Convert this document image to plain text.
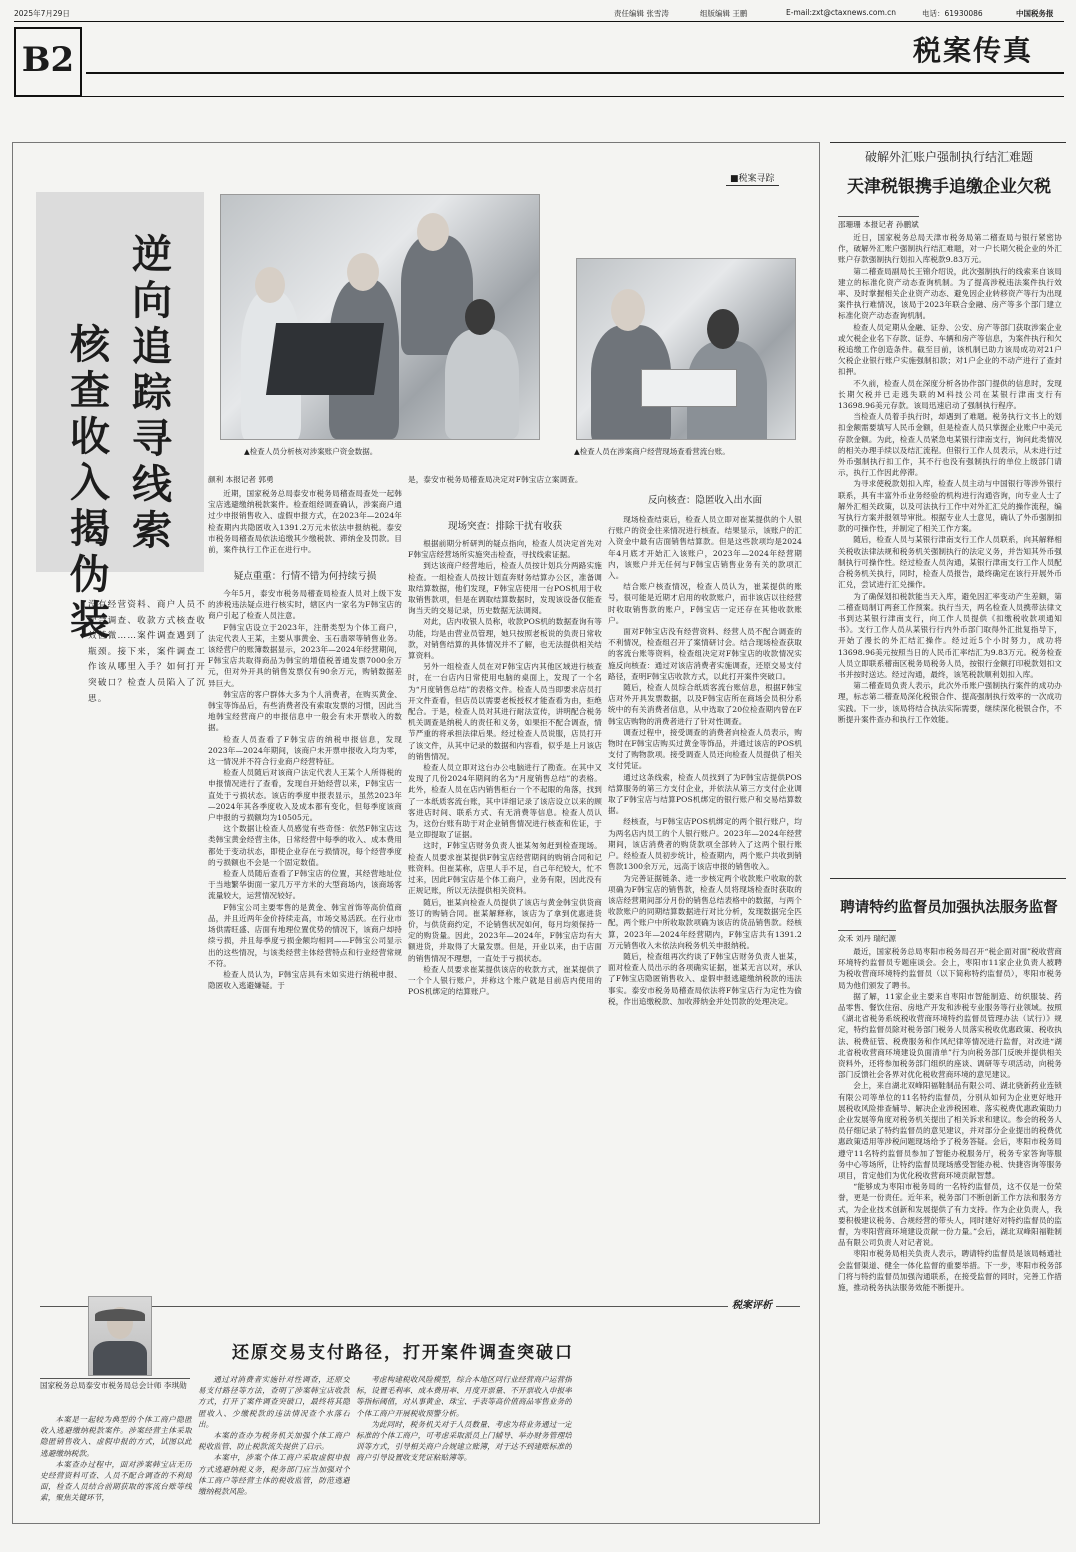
2025年7月29日	责任编辑 张雪涛	组版编辑 王鹏	E-mail:zxt@ctaxnews.com.cn	电话：61930086	中国税务报
B2	税案传真
■税案寻踪
逆向追踪寻线索
核查收入揭伪装
▲检查人员分析核对涉案账户资金数据。	▲检查人员在涉案商户经营现场查看营流台账。
没有经营资料、商户人员不配合调查、收款方式核查收效甚微……案件调查遇到了瓶颈。接下来，案件调查工作该从哪里入手？如何打开突破口？检查人员陷入了沉思。
颜利 本报记者 郭勇

近期，国家税务总局泰安市税务局稽查局查处一起韩宝店逃避缴纳税款案件。检查组经调查确认，涉案商户通过少申报销售收入、虚假申报方式，在2023年—2024年检查期内共隐匿收入1391.2万元未依法申报纳税。泰安市税务局稽查局依法追缴其少缴税款、滞纳金及罚款。目前，案件执行工作正在进行中。

疑点重重：行情不错为何持续亏损

今年5月，泰安市税务局稽查局检查人员对上级下发的涉税违法疑点进行核实时，辖区内一家名为F韩宝店的商户引起了检查人员注意。

F韩宝店设立于2023年，注册类型为个体工商户，法定代表人王某，主要从事黄金、玉石翡翠等销售业务。该经营户的账簿数据显示，2023年—2024年经营期间，F韩宝店共取得商品为韩宝的增值税普通发票7000余万元，但对外开具的销售发票仅有90余万元，购销数据差异巨大。

韩宝店的客户群体大多为个人消费者，在购买黄金、韩宝等饰品后，有些消费者没有索取发票的习惯，因此当地韩宝经营商户的申报信息中一般会有未开票收入的数据。

检查人员查看了F韩宝店的纳税申报信息，发现2023年—2024年期间，该商户未开票申报收入均为零，这一情况并不符合行业商户经营特征。

检查人员随后对该商户法定代表人王某个人所得税的申报情况进行了查看，发现自开始经营以来，F韩宝店一直处于亏损状态。该店的季度申报表显示，虽然2023年—2024年其各季度收入及成本都有变化，但每季度该商户申报的亏损额均为10505元。

这个数据让检查人员感觉有些奇怪：依然F韩宝店这类韩宝黄金经营主体，日常经营中每季的收入、成本费用都处于变动状态，即使企业存在亏损情况，每个经营季度的亏损额也不会是一个固定数值。

检查人员随后查看了F韩宝店的位置，其经营地址位于当地繁华街面一家几万平方米的大型商场内，该商场客流量较大，运营情况较好。

F韩宝公司主要零售的是黄金、韩宝首饰等高价值商品，并且近两年金价持续走高，市场交易活跃。在行业市场供需旺盛、店面有地理位置优势的情况下，该商户却持续亏损，并且每季度亏损金额均相同——F韩宝公司显示出的这些情况，与该类经营主体经营特点和行业经营常规不符。

检查人员认为，F韩宝店具有未如实进行纳税申报、隐匿收入逃避嫌疑。于

是，泰安市税务局稽查局决定对F韩宝店立案调查。

现场突查：排除干扰有收获

根据前期分析研判的疑点指向，检查人员决定首先对F韩宝店经营场所实施突击检查，寻找线索证据。

到达该商户经营地后，检查人员按计划兵分两路实施检查。一组检查人员按计划直奔财务结算办公区，准备调取结算数据，他们发现，F韩宝店使用一台POS机用于收取销售款项，但是在调取结算数据时，发现该设备仅能查询当天的交易记录，历史数据无法调阅。

对此，店内收银人员称，收款POS机的数据查询有等功能，均是由营业员管理，她只按照老板说的负责日常收款，对销售结算的具体情况并不了解，也无法提供相关结算资料。

另外一组检查人员在对F韩宝店内其他区域进行核查时，在一台店内日常使用电脑的桌面上，发现了一个名为“月度销售总结”的表格文件。检查人员当即要求店员打开文件查看，但店员以需要老板授权才能查看为由，拒绝配合。于是，检查人员对其进行耐法宣传，讲明配合税务机关调查是纳税人的责任和义务，如果拒不配合调查，情节严重的将承担法律后果。经过检查人员说服，店员打开了该文件，从其中记录的数据和内容看，似乎是上月该店的销售情况。

检查人员立即对这台办公电脑进行了勘查。在其中又发现了几份2024年期间的名为“月度销售总结”的表格。此外，检查人员在店内销售柜台一个不起眼的角落，找到了一本纸质客流台账，其中详细记录了该店设立以来的顾客进店时间、联系方式、有无消费等信息。检查人员认为，这份台账有助于对企业销售情况进行核查和佐证，于是立即提取了证据。

这时，F韩宝店财务负责人崔某匆匆赶到检查现场。检查人员要求崔某提供F韩宝店经营期间的购销合同和记账资料。但崔某称，店里人手不足，自己年纪较大，忙不过来，因此F韩宝店是个体工商户，业务有限，因此没有正规记账，所以无法提供相关资料。

随后，崔某向检查人员提供了该店与黄金韩宝供货商签订的购销合同。崔某解释称，该店为了拿到优惠进货价，与供货商约定，不论销售状况如何，每月均须保持一定的购货量。因此，2023年—2024年，F韩宝店均有大额进货，并取得了大量发票。但是，开业以来，由于店面的销售情况不理想，一直处于亏损状态。

检查人员要求崔某提供该店的收款方式，崔某提供了一个个人银行账户，并称这个账户就是目前店内使用的POS机绑定的结算账户。

反向核查：隐匿收入出水面

现场检查结束后，检查人员立即对崔某提供的个人银行账户的资金往来情况进行核查。结果显示，该账户的汇入资金中最有店面销售结算款。但是这些款项均是2024年4月底才开始汇入该账户，2023年—2024年经营期内，该账户并无任何与F韩宝店销售业务有关的款项汇入。

结合账户核查情况，检查人员认为，崔某提供的账号，很可能是近期才启用的收款账户，而非该店以往经营时收取销售款的账户，F韩宝店一定还存在其他收款账户。

面对F韩宝店没有经营资料、经营人员不配合调查的不利情况，检查组召开了案情研讨会。结合现场检查获取的客流台账等资料，检查组决定对F韩宝店的收款情况实施反向核查：通过对该店消费者实施调查，还原交易支付路径，查明F韩宝店收款方式，以此打开案件突破口。

随后，检查人员综合纸质客流台账信息，根据F韩宝店对外开具发票数据，以及F韩宝店所在商场会员积分系统中的有关消费者信息，从中选取了20位检查期内曾在F韩宝店购物的消费者进行了针对性调查。

调查过程中，接受调查的消费者向检查人员表示，购物时在F韩宝店购买过黄金等饰品，并通过该店的POS机支付了购物款项。接受调查人员还向检查人员提供了相关支付凭证。

通过这条线索，检查人员找到了为F韩宝店提供POS结算服务的第三方支付企业，并依法从第三方支付企业调取了F韩宝店与结算POS机绑定的银行账户和交易结算数据。

经核查，与F韩宝店POS机绑定的两个银行账户，均为两名店内员工的个人银行账户。2023年—2024年经营期间，该店消费者的购货款项全部转入了这两个银行账户。经检查人员初步统计，检查期内，两个账户共收到销售款1300余万元，远高于该店申报的销售收入。

为完善证据链条、进一步核定两个收款账户收取的款项确为F韩宝店的销售款，检查人员将现场检查时获取的该店经营期间部分月份的销售总结表格中的数据，与两个收款账户的同期结算数据进行对比分析，发现数据完全匹配，两个账户中所收取款项确为该店的货品销售款。经核算，2023年—2024年经营期内，F韩宝店共有1391.2万元销售收入未依法向税务机关申报纳税。

随后，检查组再次约谈了F韩宝店财务负责人崔某，面对检查人员出示的各项确实证据，崔某无言以对，承认了F韩宝店隐匿销售收入、虚假申报逃避缴纳税款的违法事实。泰安市税务局稽查局依法将F韩宝店行为定性为偷税，作出追缴税款、加收滞纳金并处罚款的处理决定。

税案评析
国家税务总局泰安市税务局总会计师 李琪勋
还原交易支付路径，打开案件调查突破口

本案是一起较为典型的个体工商户隐匿收入逃避缴纳税款案件。涉案经营主体采取隐匿销售收入、虚假申报的方式，试图以此逃避缴纳税款。

本案查办过程中，面对涉案韩宝店无历史经营资料可查、人员不配合调查的不利局面，检查人员结合前期获取的客流台账等线索，聚焦关键环节，

通过对消费者实施针对性调查，还原交易支付路径等方法，查明了涉案韩宝店收款方式，打开了案件调查突破口，最终将其隐匿收入、少缴税款的违法情况查个水落石出。

本案的查办为税务机关加强个体工商户税收监管、防止税款流失提供了启示。

本案中，涉案个体工商户采取虚假申报方式逃避纳税义务，税务部门应当加强对个体工商户等经营主体的税收监管，防范逃避缴纳税款风险。

考虑构建税收风险模型，综合本地区同行业经营商户运营指标，设置毛利率、成本费用率、月度开票量、不开票收入申报率等指标阈值，对从事黄金、珠宝、手表等高价值商品零售业务的个体工商户开展税收预警分析。

为此同时，税务机关对于人员数量、考虑为将业务通过一定标准的个体工商户，可考虑采取派员上门辅导、举办财务管理培训等方式，引导相关商户合规建立账簿，对于达不到建账标准的商户引导设置收支凭证粘贴簿等。

破解外汇账户强制执行结汇难题
天津税银携手追缴企业欠税
邵珊珊 本报记者 孙鹏斌

近日，国家税务总局天津市税务局第二稽查局与银行紧密协作，破解外汇账户强制执行结汇难题，对一户长期欠税企业的外汇账户存款强制执行划扣入库税款9.83万元。

第二稽查局副局长王锦介绍说，此次强制执行的线索来自该局建立的标准化资产动态查询机制。为了提高涉税违法案件执行效率、及时掌握相关企业资产动态、避免因企业转移资产等行为出现案件执行难情况，该局于2023年联合金融、房产等多个部门建立标准化资产动态查询机制。

检查人员定期从金融、证券、公安、房产等部门获取涉案企业或欠税企业名下存款、证券、车辆和房产等信息，为案件执行和欠税追缴工作创造条件。截至目前，该机制已助力该局成功对21户欠税企业银行账户实施强制扣款；对1户企业的不动产进行了查封扣押。

不久前，检查人员在深度分析各协作部门提供的信息时，发现长期欠税并已走逃失联的M科技公司在某银行津南支行有13698.96美元存款。该局迅速启动了强制执行程序。

当检查人员着手执行时，却遇到了难题。税务执行文书上的划扣金额需要填写人民币金额，但是检查人员只掌握企业账户中美元存款金额。为此，检查人员紧急电某银行津南支行，询问此类情况的相关办理手续以及结汇流程。但银行工作人员表示，从未进行过外币强制执行扣工作，其不行也没有强制执行的单位上级部门请示，执行工作因此停滞。

为寻求使税款划扣入库，检查人员主动与中国银行等涉外银行联系，具有丰富外币业务经验的机构进行沟通咨询，向专业人士了解外汇相关政策，以及可法执行工作中对外汇汇兑的操作流程，编写执行方案并报领导审批。根据专业人士意见，确认了外币强制扣款的可操作性，并制定了相关工作方案。

随后，检查人员与某银行津南支行工作人员联系，向其解释相关税收法律法规和税务机关强制执行的法定义务，并告知其外币强制执行可操作性。经过检查人员沟通，某银行津南支行工作人员配合税务机关执行，同时，检查人员报告，最终确定在该行开展外币汇兑，尝试进行汇兑操作。

为了确保划扣税款能当天入库，避免因汇率变动产生差额，第二稽查局制订两套工作预案。执行当天，两名检查人员携带法律文书到达某银行津南支行，向工作人员提供《扣缴税收款项通知书》。支行工作人员从某银行行内外币部门取得外汇批复指导下，开始了漫长的外汇结汇操作。经过近5个小时努力，成功将13698.96美元按照当日的人民币汇率结汇为9.83万元。税务检查人员立即联系稽南区税务局税务人员，按银行金额打印税款划扣文书并按时送达。经过沟通，最终，该笔税款顺利划扣入库。

第二稽查局负责人表示，此次外币账户强制执行案件的成功办理，标志第二稽查局深化税银合作、提高强制执行效率的一次成功实践。下一步，该局将结合执法实际需要，继续深化税银合作，不断提升案件查办和执行工作效能。

聘请特约监督员加强执法服务监督
众禾 刘丹 瑞纪源

最近，国家税务总局枣阳市税务局召开“税企面对面”税收营商环境特约监督员专题座谈会。会上，枣阳市11家企业负责人被聘为税收营商环境特约监督员（以下简称特约监督员），枣阳市税务局为他们颁发了聘书。

据了解，11家企业主要来自枣阳市智能制造、纺织服装、药品零售、餐饮住宿、房地产开发和涉税专业服务等行业领域。按照《湖北省税务系统税收营商环境特约监督员管理办法（试行）》规定，特约监督员除对税务部门税务人员落实税收优惠政策、税收执法、税费征管、税费服务和作风纪律等情况进行监督，对改进“湖北省税收营商环境建设负面清单”行为向税务部门反映并提供相关资料外，还将参加税务部门组织的座谈、调研等专项活动，向税务部门反馈社会各界对优化税收营商环境的意见建议。

会上，来自湖北双峰阳福鞋制品有限公司、湖北骁新药业连锁有限公司等单位的11名特约监督员，分别从如何为企业更好地开展税收风险排查辅导、解决企业涉税困难、落实税费优惠政策助力企业发展等角度对税务机关提出了相关诉求和建议。参会的税务人员仔细记录了特约监督员的意见建议，并对部分企业提出的税费优惠政策适用等涉税问题现场给予了税务答疑。会后，枣阳市税务局遵守11名特约监督员参加了智能办税服务厅，税务专家答询等服务中心等场所，让特约监督员现场感受智能办税、快捷咨询等服务项目，肯定他们为优化税收营商环境贡献智慧。

“能够成为枣阳市税务局的一名特约监督员，这不仅是一份荣誉，更是一份责任。近年来，税务部门不断创新工作方法和服务方式，为企业技术创新和发展提供了有力支持。作为企业负责人，我要积极建议税务、合规经营的带头人，同时建好对特约监督员的监督，为枣阳营商环境建设贡献一份力量。”会后，湖北双峰阳福鞋制品有限公司负责人对记者说。

枣阳市税务局相关负责人表示，聘请特约监督员是该局畅通社会监督渠道、健全一体化监督的重要举措。下一步，枣阳市税务部门将与特约监督员加强沟通联系，在接受监督的同时，完善工作措施，推动税务执法服务效能不断提升。
